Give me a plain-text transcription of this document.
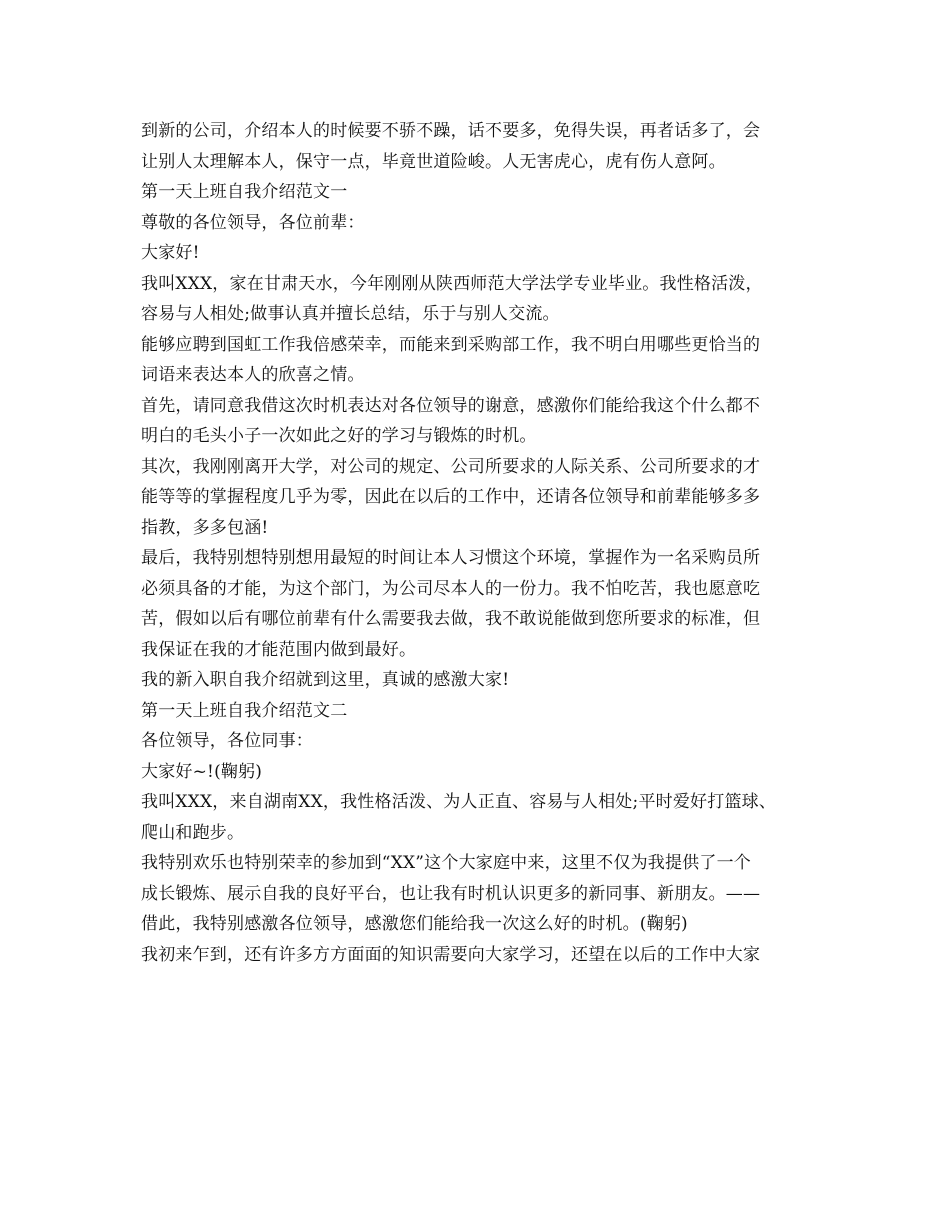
到新的公司，介绍本人的时候要不骄不躁，话不要多，免得失误，再者话多了，会
让别人太理解本人，保守一点，毕竟世道险峻。人无害虎心，虎有伤人意阿。
第一天上班自我介绍范文一
尊敬的各位领导，各位前辈：
大家好!
我叫XXX，家在甘肃天水，今年刚刚从陕西师范大学法学专业毕业。我性格活泼，
容易与人相处;做事认真并擅长总结，乐于与别人交流。
能够应聘到国虹工作我倍感荣幸，而能来到采购部工作，我不明白用哪些更恰当的
词语来表达本人的欣喜之情。
首先，请同意我借这次时机表达对各位领导的谢意，感激你们能给我这个什么都不
明白的毛头小子一次如此之好的学习与锻炼的时机。
其次，我刚刚离开大学，对公司的规定、公司所要求的人际关系、公司所要求的才
能等等的掌握程度几乎为零，因此在以后的工作中，还请各位领导和前辈能够多多
指教，多多包涵!
最后，我特别想特别想用最短的时间让本人习惯这个环境，掌握作为一名采购员所
必须具备的才能，为这个部门，为公司尽本人的一份力。我不怕吃苦，我也愿意吃
苦，假如以后有哪位前辈有什么需要我去做，我不敢说能做到您所要求的标准，但
我保证在我的才能范围内做到最好。
我的新入职自我介绍就到这里，真诚的感激大家!
第一天上班自我介绍范文二
各位领导，各位同事：
大家好~!(鞠躬)
我叫XXX，来自湖南XX，我性格活泼、为人正直、容易与人相处;平时爱好打篮球、
爬山和跑步。
我特别欢乐也特别荣幸的参加到“XX”这个大家庭中来，这里不仅为我提供了一个
成长锻炼、展示自我的良好平台，也让我有时机认识更多的新同事、新朋友。——
借此，我特别感激各位领导，感激您们能给我一次这么好的时机。(鞠躬)
我初来乍到，还有许多方方面面的知识需要向大家学习，还望在以后的工作中大家
